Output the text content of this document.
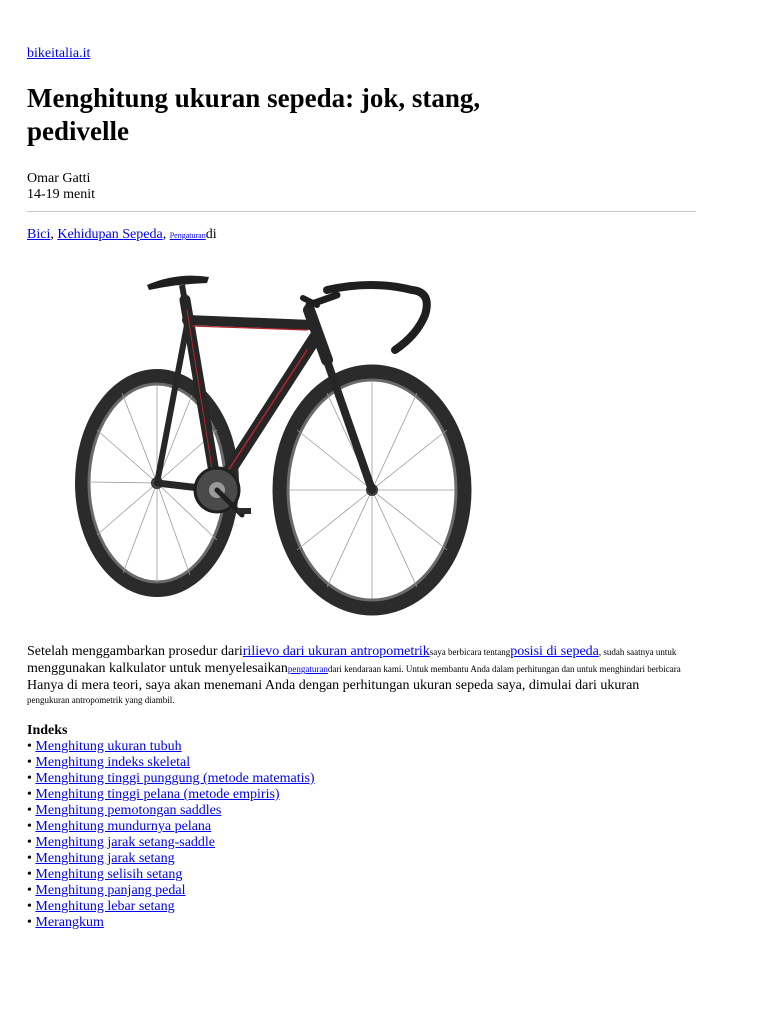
bikeitalia.it
Menghitung ukuran sepeda: jok, stang, pedivelle
Omar Gatti
14-19 menit
Bici, Kehidupan Sepeda, Pengaturandi
Setelah menggambarkan prosedur daririlievo dari ukuran antropometriksaya berbicara tentangposisi di sepeda, sudah saatnya untuk
menggunakan kalkulator untuk menyelesaikanpengaturandari kendaraan kami. Untuk membantu Anda dalam perhitungan dan untuk menghindari berbicara
Hanya di mera teori, saya akan menemani Anda dengan perhitungan ukuran sepeda saya, dimulai dari ukuran
pengukuran antropometrik yang diambil.
Indeks
• Menghitung ukuran tubuh
• Menghitung indeks skeletal
• Menghitung tinggi punggung (metode matematis)
• Menghitung tinggi pelana (metode empiris)
• Menghitung pemotongan saddles
• Menghitung mundurnya pelana
• Menghitung jarak setang-saddle
• Menghitung jarak setang
• Menghitung selisih setang
• Menghitung panjang pedal
• Menghitung lebar setang
• Merangkum
